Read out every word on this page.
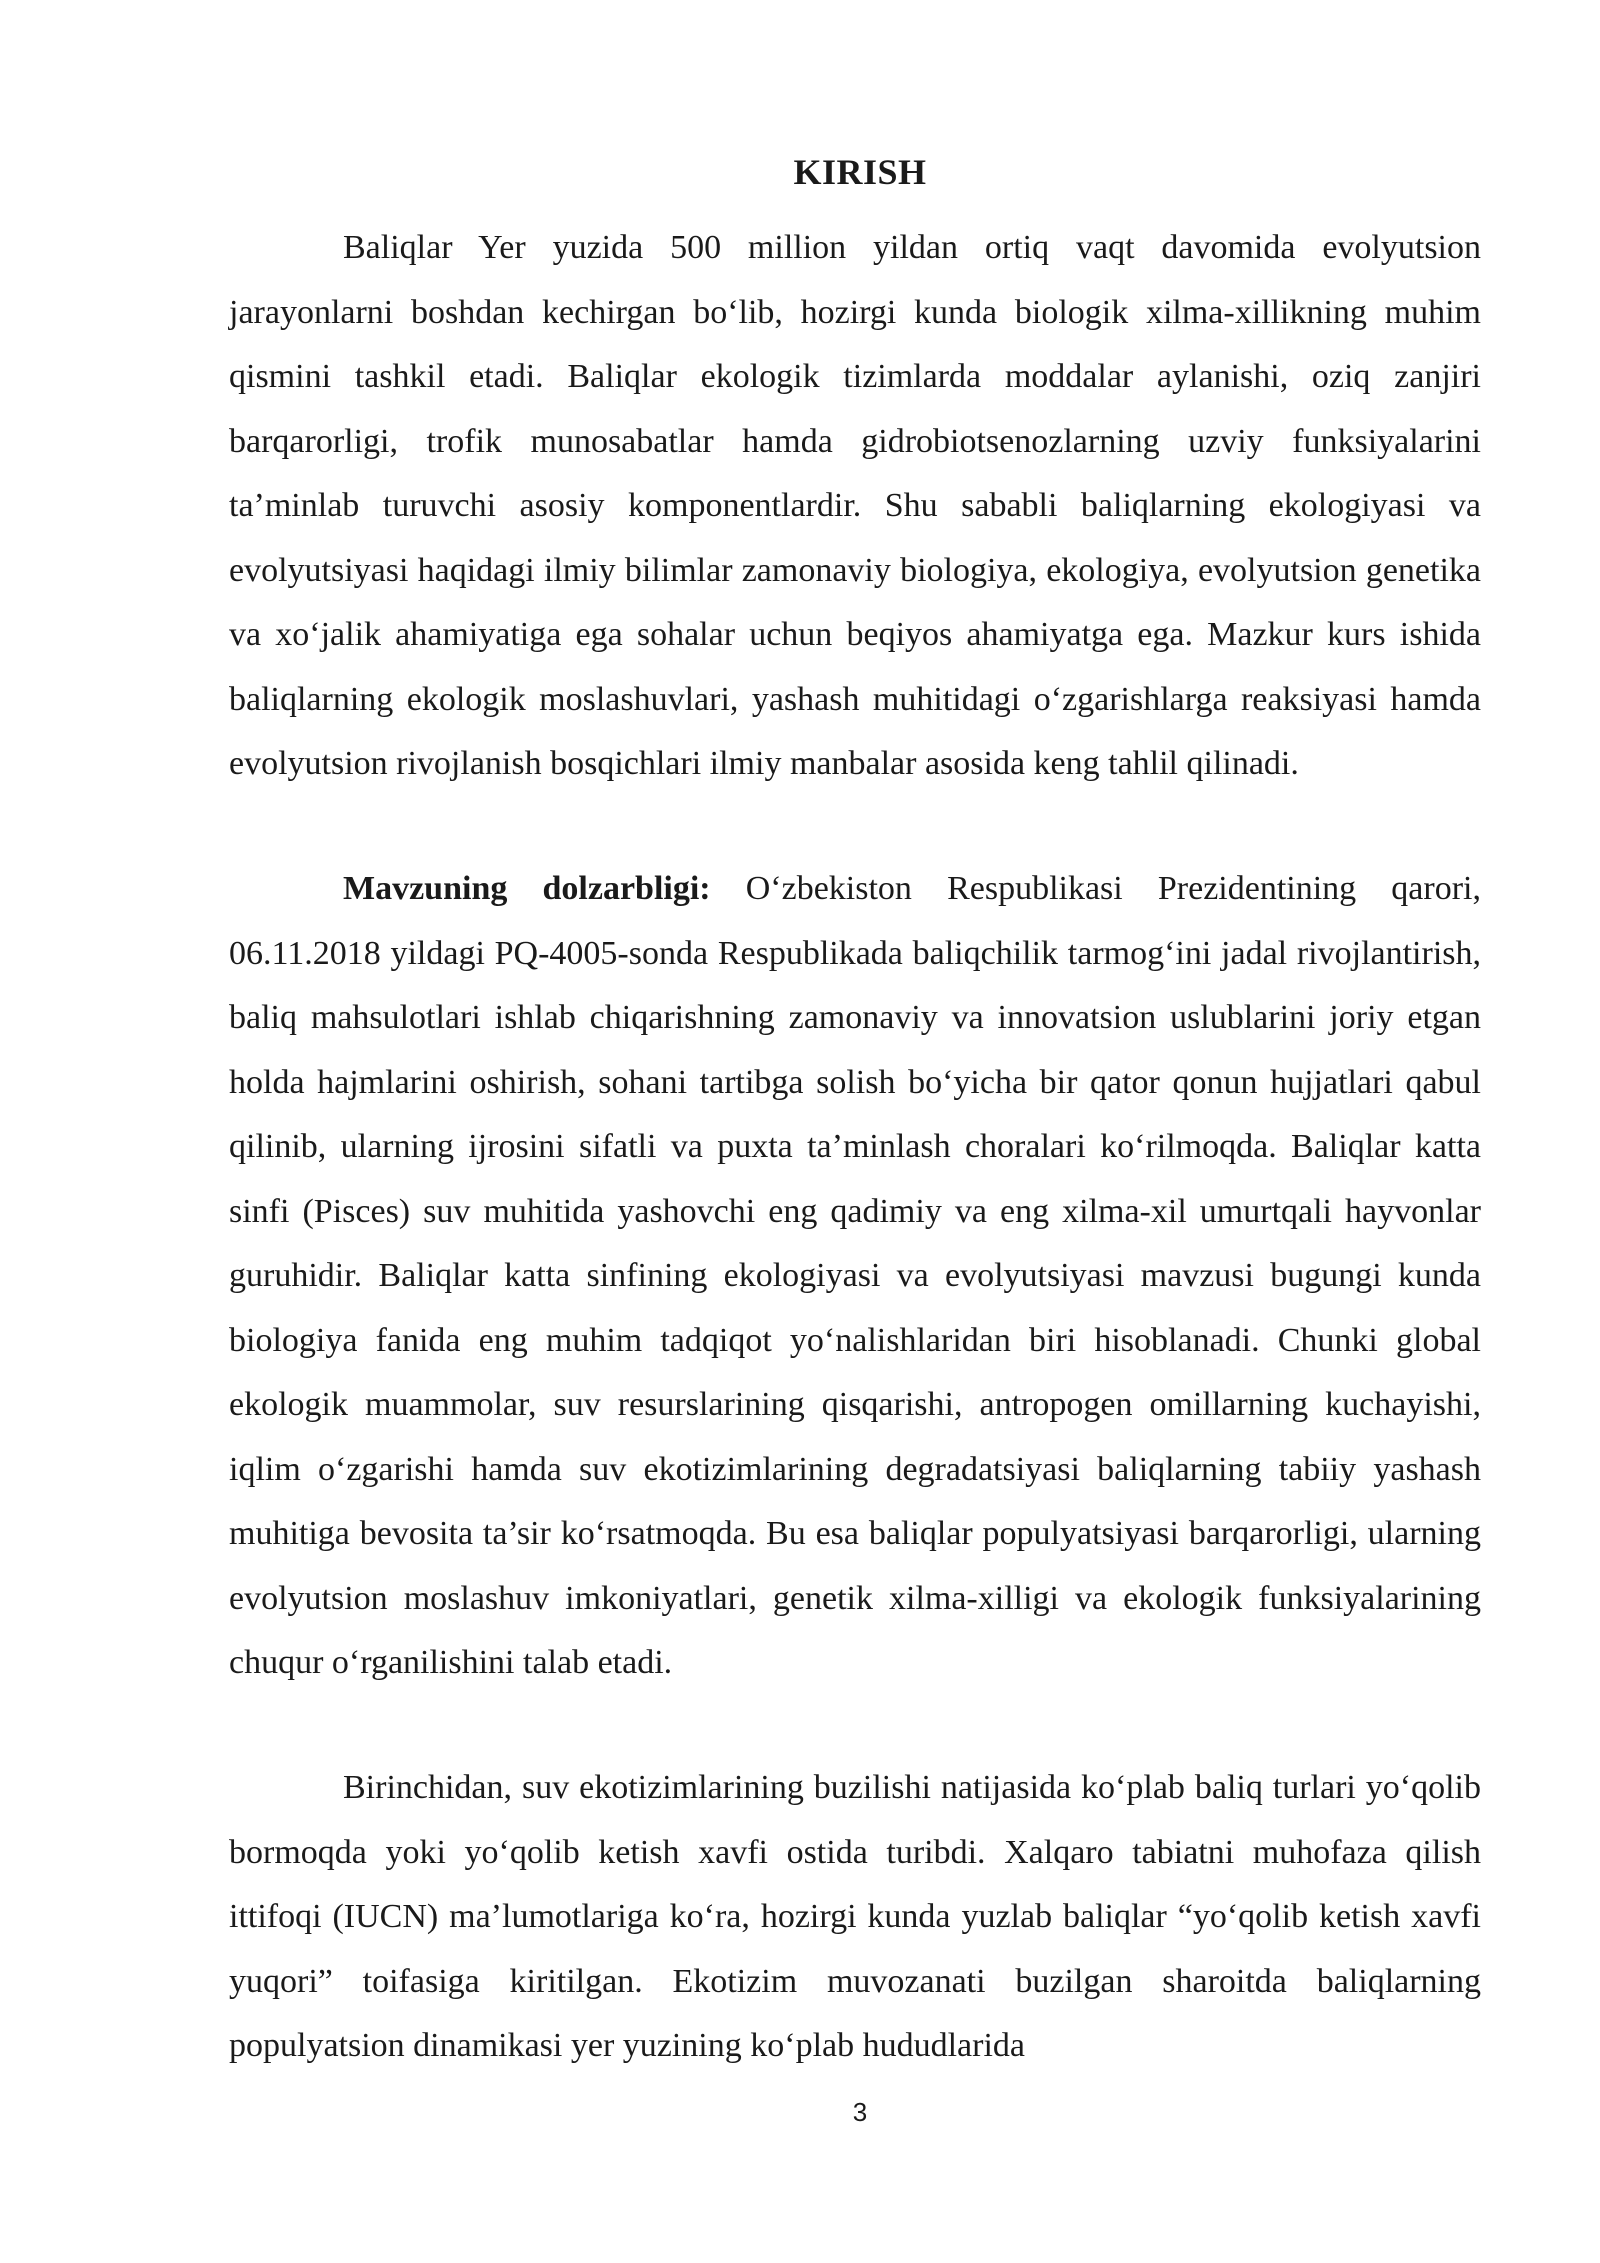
KIRISH

Baliqlar Yer yuzida 500 million yildan ortiq vaqt davomida evolyutsion jarayonlarni boshdan kechirgan bo‘lib, hozirgi kunda biologik xilma-xillikning muhim qismini tashkil etadi. Baliqlar ekologik tizimlarda moddalar aylanishi, oziq zanjiri barqarorligi, trofik munosabatlar hamda gidrobiotsenozlarning uzviy funksiyalarini ta’minlab turuvchi asosiy komponentlardir. Shu sababli baliqlarning ekologiyasi va evolyutsiyasi haqidagi ilmiy bilimlar zamonaviy biologiya, ekologiya, evolyutsion genetika va xo‘jalik ahamiyatiga ega sohalar uchun beqiyos ahamiyatga ega. Mazkur kurs ishida baliqlarning ekologik moslashuvlari, yashash muhitidagi o‘zgarishlarga reaksiyasi hamda evolyutsion rivojlanish bosqichlari ilmiy manbalar asosida keng tahlil qilinadi.

Mavzuning dolzarbligi: O‘zbekiston Respublikasi Prezidentining qarori, 06.11.2018 yildagi PQ-4005-sonda Respublikada baliqchilik tarmog‘ini jadal rivojlantirish, baliq mahsulotlari ishlab chiqarishning zamonaviy va innovatsion uslublarini joriy etgan holda hajmlarini oshirish, sohani tartibga solish bo‘yicha bir qator qonun hujjatlari qabul qilinib, ularning ijrosini sifatli va puxta ta’minlash choralari ko‘rilmoqda. Baliqlar katta sinfi (Pisces) suv muhitida yashovchi eng qadimiy va eng xilma-xil umurtqali hayvonlar guruhidir. Baliqlar katta sinfining ekologiyasi va evolyutsiyasi mavzusi bugungi kunda biologiya fanida eng muhim tadqiqot yo‘nalishlaridan biri hisoblanadi. Chunki global ekologik muammolar, suv resurslarining qisqarishi, antropogen omillarning kuchayishi, iqlim o‘zgarishi hamda suv ekotizimlarining degradatsiyasi baliqlarning tabiiy yashash muhitiga bevosita ta’sir ko‘rsatmoqda. Bu esa baliqlar populyatsiyasi barqarorligi, ularning evolyutsion moslashuv imkoniyatlari, genetik xilma-xilligi va ekologik funksiyalarining chuqur o‘rganilishini talab etadi.

Birinchidan, suv ekotizimlarining buzilishi natijasida ko‘plab baliq turlari yo‘qolib bormoqda yoki yo‘qolib ketish xavfi ostida turibdi. Xalqaro tabiatni muhofaza qilish ittifoqi (IUCN) ma’lumotlariga ko‘ra, hozirgi kunda yuzlab baliqlar “yo‘qolib ketish xavfi yuqori” toifasiga kiritilgan. Ekotizim muvozanati buzilgan sharoitda baliqlarning populyatsion dinamikasi yer yuzining ko‘plab hududlarida

3
